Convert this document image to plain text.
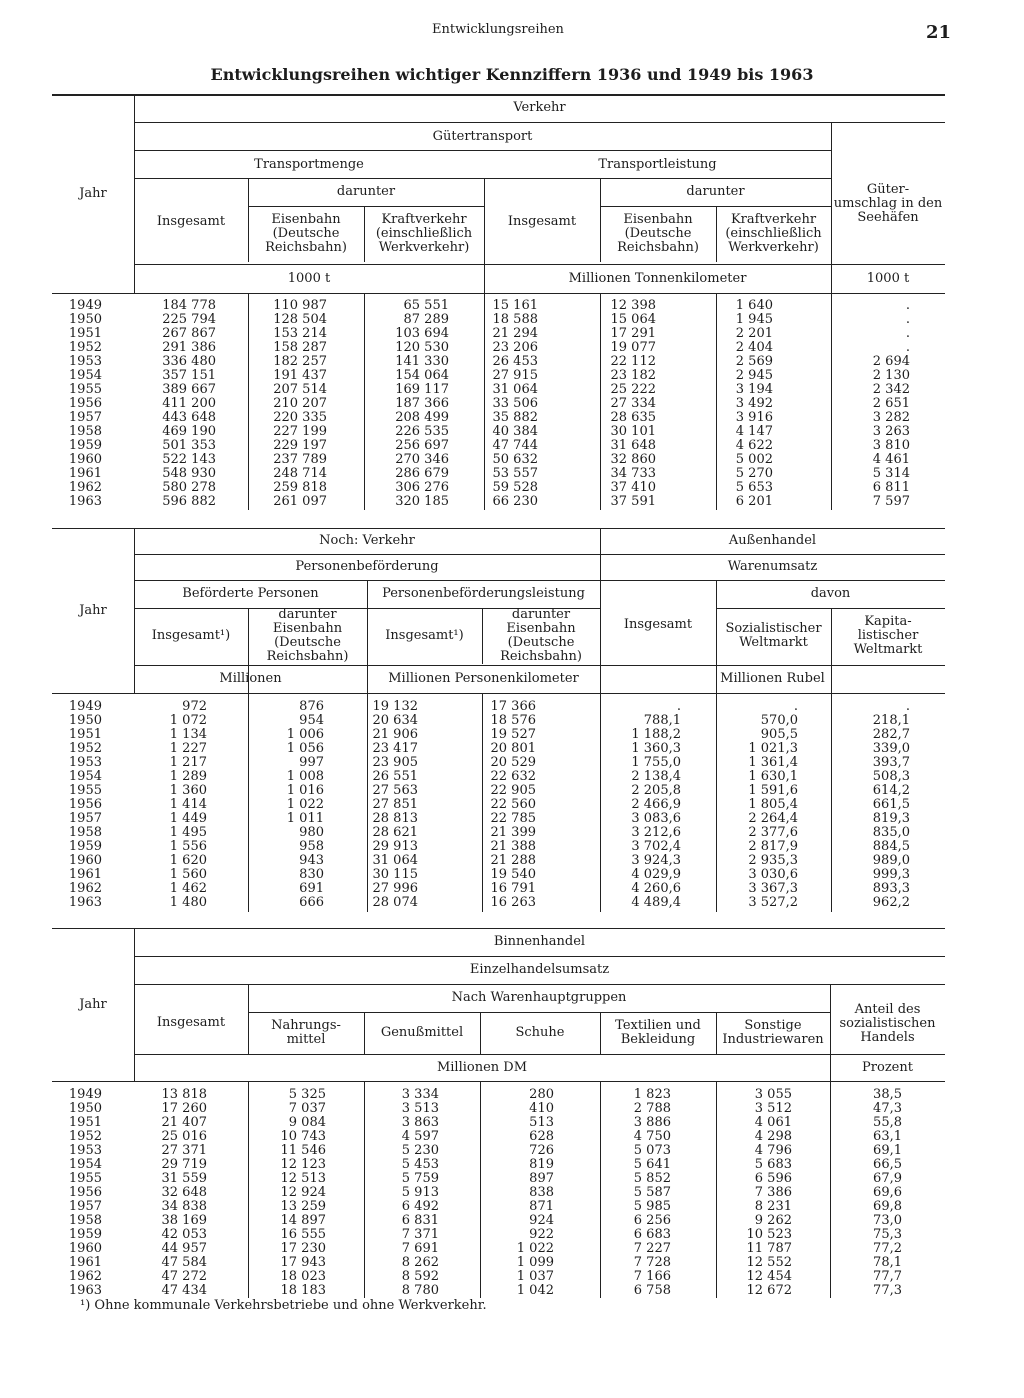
Entwicklungsreihen	21
Entwicklungsreihen wichtiger Kennziffern 1936 und 1949 bis 1963
Verkehr
Gütertransport
Transportmenge	Transportleistung
darunter	darunter
Jahr
Insgesamt	Eisenbahn
(Deutsche
Reichsbahn)
Kraftverkehr
(einschließlich
Werkverkehr)
Insgesamt	Eisenbahn
(Deutsche
Reichsbahn)
Kraftverkehr
(einschließlich
Werkverkehr)
Güter-
umschlag in den
Seehäfen
1000 t	Millionen Tonnenkilometer	1000 t
1949	184 778	110 987	65 551	15 161	12 398	1 640	.
1950	225 794	128 504	87 289	18 588	15 064	1 945	.
1951	267 867	153 214	103 694	21 294	17 291	2 201	.
1952	291 386	158 287	120 530	23 206	19 077	2 404	.
1953	336 480	182 257	141 330	26 453	22 112	2 569	2 694
1954	357 151	191 437	154 064	27 915	23 182	2 945	2 130
1955	389 667	207 514	169 117	31 064	25 222	3 194	2 342
1956	411 200	210 207	187 366	33 506	27 334	3 492	2 651
1957	443 648	220 335	208 499	35 882	28 635	3 916	3 282
1958	469 190	227 199	226 535	40 384	30 101	4 147	3 263
1959	501 353	229 197	256 697	47 744	31 648	4 622	3 810
1960	522 143	237 789	270 346	50 632	32 860	5 002	4 461
1961	548 930	248 714	286 679	53 557	34 733	5 270	5 314
1962	580 278	259 818	306 276	59 528	37 410	5 653	6 811
1963	596 882	261 097	320 185	66 230	37 591	6 201	7 597
Noch: Verkehr	Außenhandel
Personenbeförderung	Warenumsatz
Beförderte Personen	Personenbeförderungsleistung	davon
Jahr
Insgesamt¹)
darunter
Eisenbahn
(Deutsche
Reichsbahn)
Insgesamt¹)
darunter
Eisenbahn
(Deutsche
Reichsbahn)
Insgesamt	Sozialistischer
Weltmarkt
Kapita-
listischer
Weltmarkt
Millionen	Millionen Personenkilometer	Millionen Rubel
1949	972	876	19 132	17 366	.	.	.
1950	1 072	954	20 634	18 576	788,1	570,0	218,1
1951	1 134	1 006	21 906	19 527	1 188,2	905,5	282,7
1952	1 227	1 056	23 417	20 801	1 360,3	1 021,3	339,0
1953	1 217	997	23 905	20 529	1 755,0	1 361,4	393,7
1954	1 289	1 008	26 551	22 632	2 138,4	1 630,1	508,3
1955	1 360	1 016	27 563	22 905	2 205,8	1 591,6	614,2
1956	1 414	1 022	27 851	22 560	2 466,9	1 805,4	661,5
1957	1 449	1 011	28 813	22 785	3 083,6	2 264,4	819,3
1958	1 495	980	28 621	21 399	3 212,6	2 377,6	835,0
1959	1 556	958	29 913	21 388	3 702,4	2 817,9	884,5
1960	1 620	943	31 064	21 288	3 924,3	2 935,3	989,0
1961	1 560	830	30 115	19 540	4 029,9	3 030,6	999,3
1962	1 462	691	27 996	16 791	4 260,6	3 367,3	893,3
1963	1 480	666	28 074	16 263	4 489,4	3 527,2	962,2
Binnenhandel
Einzelhandelsumsatz
Nach Warenhauptgruppen
Jahr
Insgesamt	Nahrungs-
mittel	Genußmittel	Schuhe	Textilien und
Bekleidung
Sonstige
Industriewaren
Anteil des
sozialistischen
Handels
Millionen DM	Prozent
1949	13 818	5 325	3 334	280	1 823	3 055	38,5
1950	17 260	7 037	3 513	410	2 788	3 512	47,3
1951	21 407	9 084	3 863	513	3 886	4 061	55,8
1952	25 016	10 743	4 597	628	4 750	4 298	63,1
1953	27 371	11 546	5 230	726	5 073	4 796	69,1
1954	29 719	12 123	5 453	819	5 641	5 683	66,5
1955	31 559	12 513	5 759	897	5 852	6 596	67,9
1956	32 648	12 924	5 913	838	5 587	7 386	69,6
1957	34 838	13 259	6 492	871	5 985	8 231	69,8
1958	38 169	14 897	6 831	924	6 256	9 262	73,0
1959	42 053	16 555	7 371	922	6 683	10 523	75,3
1960	44 957	17 230	7 691	1 022	7 227	11 787	77,2
1961	47 584	17 943	8 262	1 099	7 728	12 552	78,1
1962	47 272	18 023	8 592	1 037	7 166	12 454	77,7
1963	47 434	18 183	8 780	1 042	6 758	12 672	77,3
¹) Ohne kommunale Verkehrsbetriebe und ohne Werkverkehr.
